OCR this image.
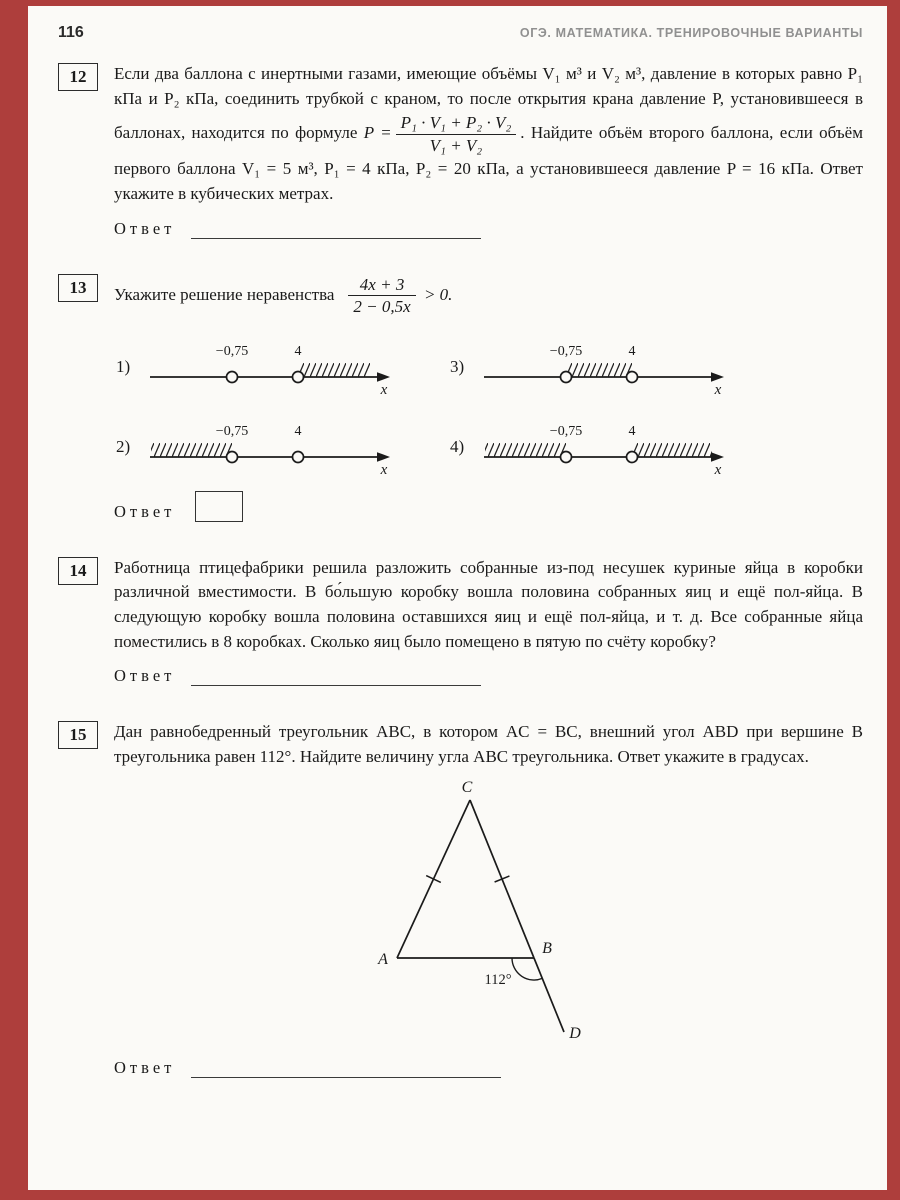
116	ОГЭ. МАТЕМАТИКА. ТРЕНИРОВОЧНЫЕ ВАРИАНТЫ
12	Если два баллона с инертными газами, имеющие объёмы V₁ м³ и V₂ м³, давление в которых равно P₁ кПа и P₂ кПа, соединить трубкой с краном, то после открытия крана давление P, установившееся в баллонах, находится по формуле $P = \frac{\text{P₁ · V₁ + P₂ · V₂}}{\text{V₁ + V₂}}$ . Найдите объём второго баллона, если объём первого баллона V₁ = 5 м³, P₁ = 4 кПа, P₂ = 20 кПа, а установившееся давление P = 16 кПа. Ответ укажите в кубических метрах.

Ответ
13	Укажите решение неравенства $\frac{4x + 3}{2 - 0,5x} > 0$.
1)
−0,75	4
x
3)
−0,75	4
x
2)
−0,75	4
x
4)
−0,75	4
x
Ответ
14	Работница птицефабрики решила разложить собранные из-под несушек куриные яйца в коробки различной вместимости. В бо́льшую коробку вошла половина собранных яиц и ещё пол-яйца. В следующую коробку вошла половина оставшихся яиц и ещё пол-яйца, и т. д. Все собранные яйца поместились в 8 коробках. Сколько яиц было помещено в пятую по счёту коробку?

Ответ
15	Дан равнобедренный треугольник ABC, в котором AC = BC, внешний угол ABD при вершине B треугольника равен 112°. Найдите величину угла ABC треугольника. Ответ укажите в градусах.

C
A
B
D
112°
Ответ
